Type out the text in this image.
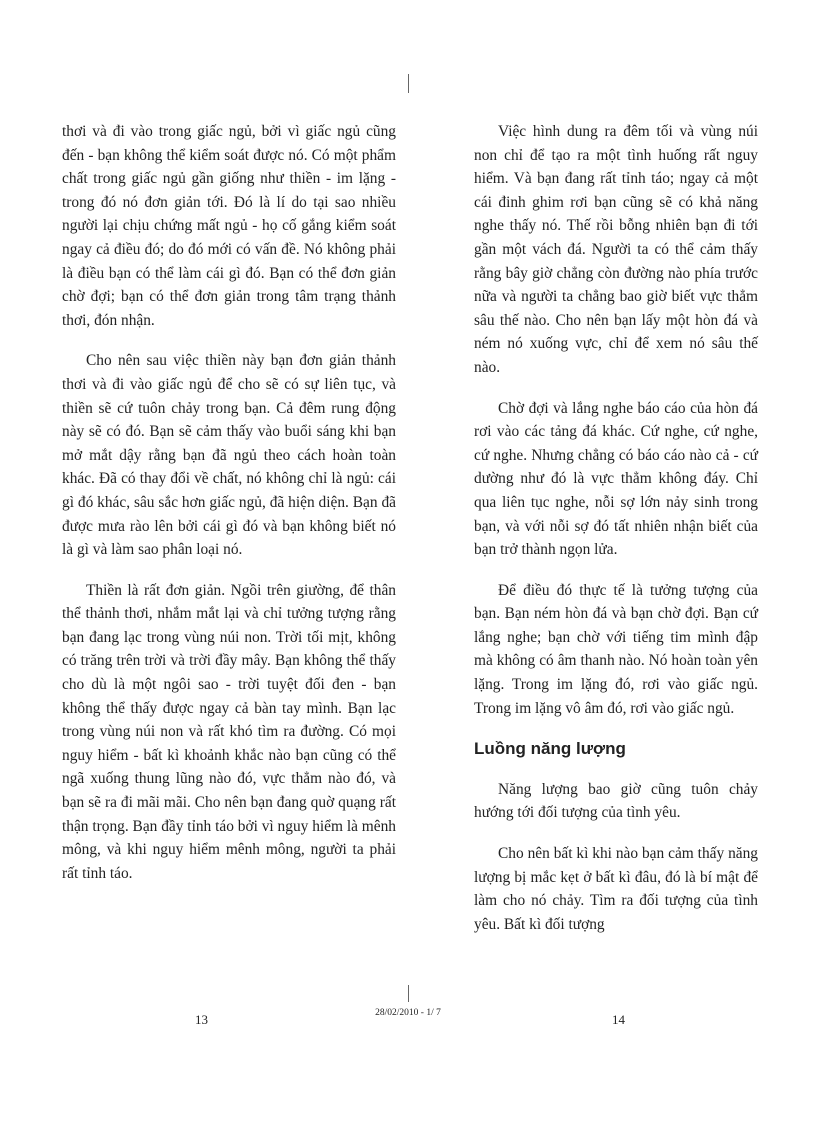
thơi và đi vào trong giấc ngủ, bởi vì giấc ngủ cũng đến - bạn không thể kiểm soát được nó. Có một phẩm chất trong giấc ngủ gần giống như thiền - im lặng - trong đó nó đơn giản tới. Đó là lí do tại sao nhiều người lại chịu chứng mất ngủ - họ cố gắng kiểm soát ngay cả điều đó; do đó mới có vấn đề. Nó không phải là điều bạn có thể làm cái gì đó. Bạn có thể đơn giản chờ đợi; bạn có thể đơn giản trong tâm trạng thảnh thơi, đón nhận.

Cho nên sau việc thiền này bạn đơn giản thảnh thơi và đi vào giấc ngủ để cho sẽ có sự liên tục, và thiền sẽ cứ tuôn chảy trong bạn. Cả đêm rung động này sẽ có đó. Bạn sẽ cảm thấy vào buổi sáng khi bạn mở mắt dậy rằng bạn đã ngủ theo cách hoàn toàn khác. Đã có thay đổi về chất, nó không chỉ là ngủ: cái gì đó khác, sâu sắc hơn giấc ngủ, đã hiện diện. Bạn đã được mưa rào lên bởi cái gì đó và bạn không biết nó là gì và làm sao phân loại nó.

Thiền là rất đơn giản. Ngồi trên giường, để thân thể thảnh thơi, nhắm mắt lại và chỉ tưởng tượng rằng bạn đang lạc trong vùng núi non. Trời tối mịt, không có trăng trên trời và trời đầy mây. Bạn không thể thấy cho dù là một ngôi sao - trời tuyệt đối đen - bạn không thể thấy được ngay cả bàn tay mình. Bạn lạc trong vùng núi non và rất khó tìm ra đường. Có mọi nguy hiểm - bất kì khoảnh khắc nào bạn cũng có thể ngã xuống thung lũng nào đó, vực thẳm nào đó, và bạn sẽ ra đi mãi mãi. Cho nên bạn đang quờ quạng rất thận trọng. Bạn đầy tỉnh táo bởi vì nguy hiểm là mênh mông, và khi nguy hiểm mênh mông, người ta phải rất tỉnh táo.

Việc hình dung ra đêm tối và vùng núi non chỉ để tạo ra một tình huống rất nguy hiểm. Và bạn đang rất tỉnh táo; ngay cả một cái đinh ghim rơi bạn cũng sẽ có khả năng nghe thấy nó. Thế rồi bỗng nhiên bạn đi tới gần một vách đá. Người ta có thể cảm thấy rằng bây giờ chẳng còn đường nào phía trước nữa và người ta chẳng bao giờ biết vực thẳm sâu thế nào. Cho nên bạn lấy một hòn đá và ném nó xuống vực, chỉ để xem nó sâu thế nào.

Chờ đợi và lắng nghe báo cáo của hòn đá rơi vào các tảng đá khác. Cứ nghe, cứ nghe, cứ nghe. Nhưng chẳng có báo cáo nào cả - cứ dường như đó là vực thẳm không đáy. Chỉ qua liên tục nghe, nỗi sợ lớn nảy sinh trong bạn, và với nỗi sợ đó tất nhiên nhận biết của bạn trở thành ngọn lửa.

Để điều đó thực tế là tưởng tượng của bạn. Bạn ném hòn đá và bạn chờ đợi. Bạn cứ lắng nghe; bạn chờ với tiếng tim mình đập mà không có âm thanh nào. Nó hoàn toàn yên lặng. Trong im lặng đó, rơi vào giấc ngủ. Trong im lặng vô âm đó, rơi vào giấc ngủ.

Luồng năng lượng

Năng lượng bao giờ cũng tuôn chảy hướng tới đối tượng của tình yêu.

Cho nên bất kì khi nào bạn cảm thấy năng lượng bị mắc kẹt ở bất kì đâu, đó là bí mật để làm cho nó chảy. Tìm ra đối tượng của tình yêu. Bất kì đối tượng

13	28/02/2010 - 1/ 7	14
